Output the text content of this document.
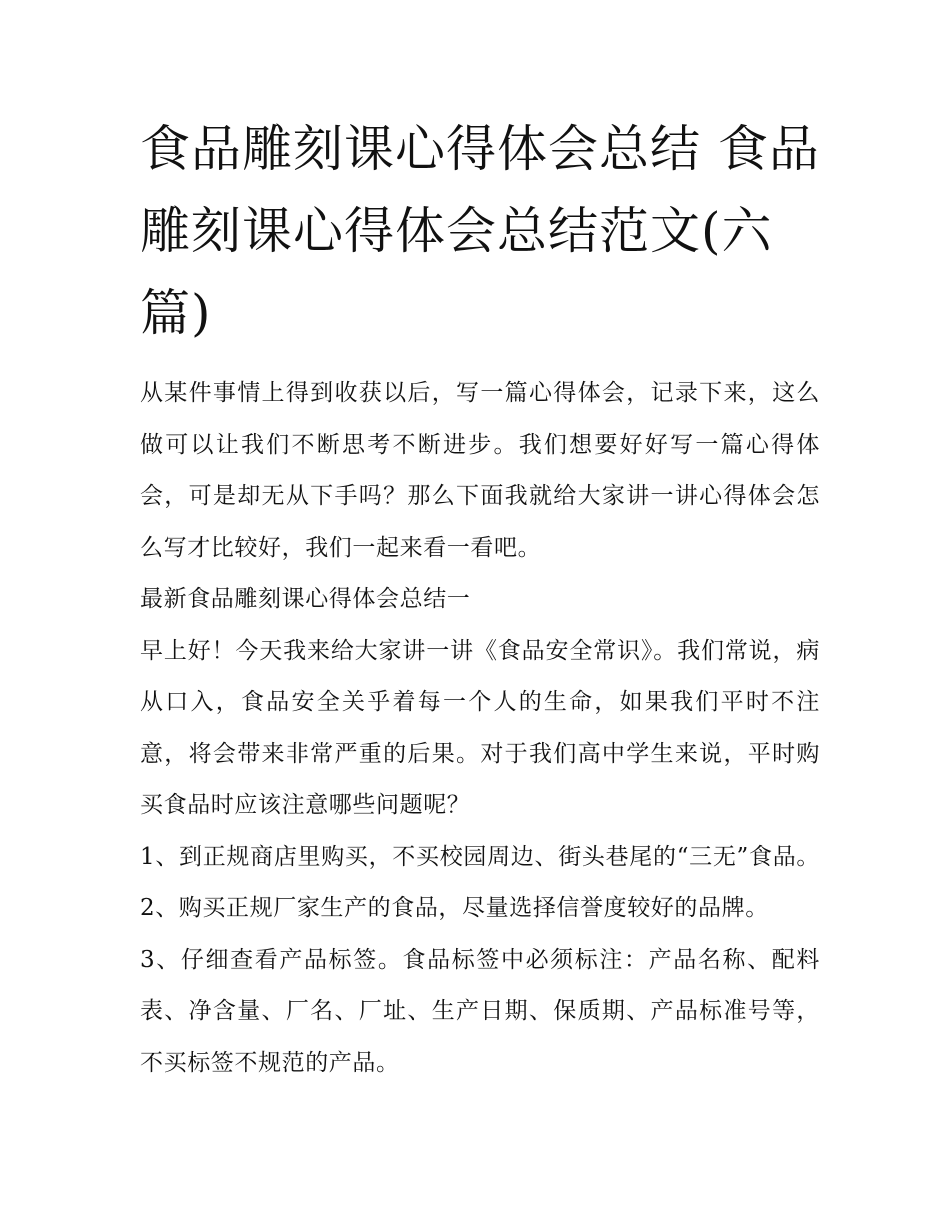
食品雕刻课心得体会总结 食品雕刻课心得体会总结范文(六篇)

从某件事情上得到收获以后，写一篇心得体会，记录下来，这么做可以让我们不断思考不断进步。我们想要好好写一篇心得体会，可是却无从下手吗？那么下面我就给大家讲一讲心得体会怎么写才比较好，我们一起来看一看吧。

最新食品雕刻课心得体会总结一

早上好！今天我来给大家讲一讲《食品安全常识》。我们常说，病从口入，食品安全关乎着每一个人的生命，如果我们平时不注意，将会带来非常严重的后果。对于我们高中学生来说，平时购买食品时应该注意哪些问题呢？

1、到正规商店里购买，不买校园周边、街头巷尾的“三无”食品。 2、购买正规厂家生产的食品，尽量选择信誉度较好的品牌。

3、仔细查看产品标签。食品标签中必须标注：产品名称、配料表、净含量、厂名、厂址、生产日期、保质期、产品标准号等，不买标签不规范的产品。
